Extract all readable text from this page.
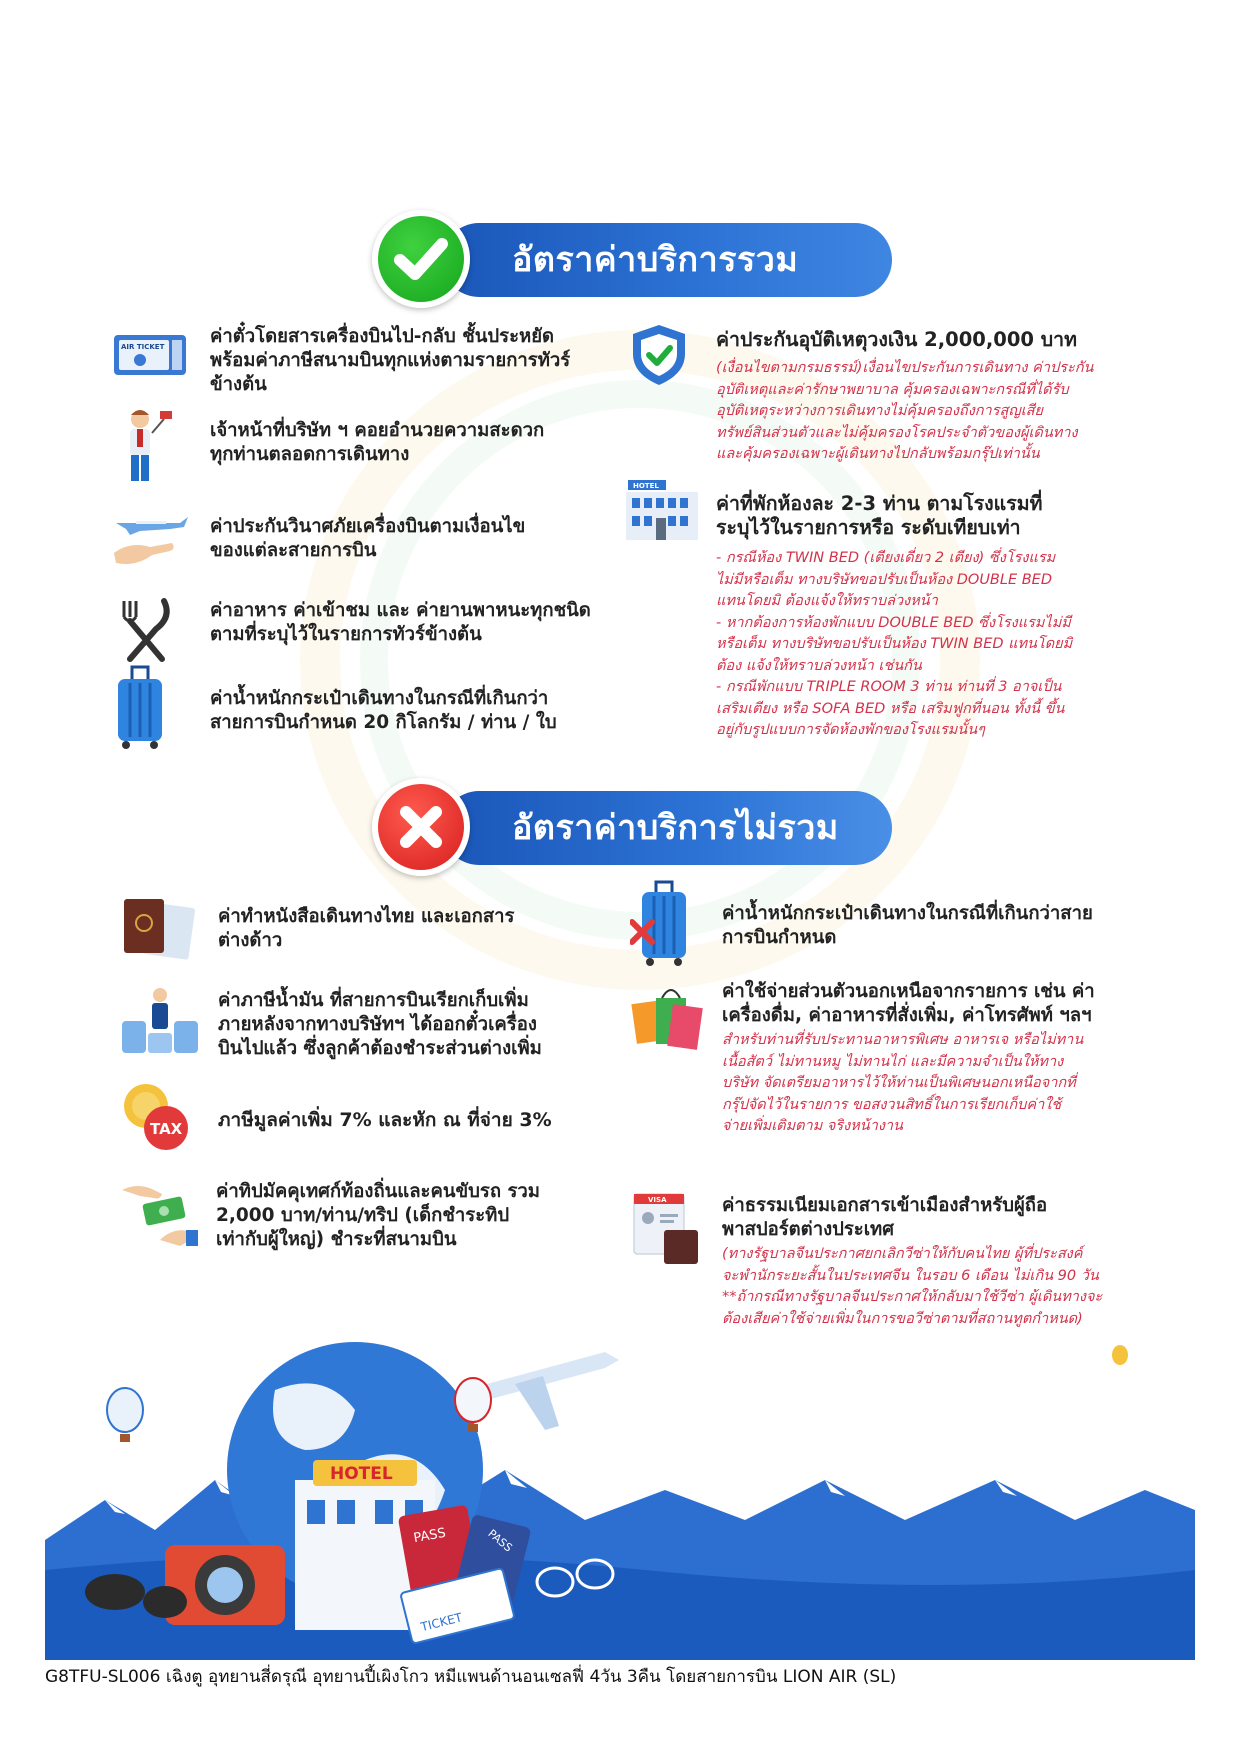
อัตราค่าบริการรวม
AIR TICKET ค่าตั๋วโดยสารเครื่องบินไป-กลับ ชั้นประหยัด
พร้อมค่าภาษีสนามบินทุกแห่งตามรายการทัวร์
ข้างต้น
เจ้าหน้าที่บริษัท ฯ คอยอำนวยความสะดวก
ทุกท่านตลอดการเดินทาง
ค่าประกันวินาศภัยเครื่องบินตามเงื่อนไข
ของแต่ละสายการบิน
ค่าอาหาร ค่าเข้าชม และ ค่ายานพาหนะทุกชนิด
ตามที่ระบุไว้ในรายการทัวร์ข้างต้น
ค่าน้ำหนักกระเป๋าเดินทางในกรณีที่เกินกว่า
สายการบินกำหนด 20 กิโลกรัม / ท่าน / ใบ
ค่าประกันอุบัติเหตุวงเงิน 2,000,000 บาท
(เงื่อนไขตามกรมธรรม์)เงื่อนไขประกันการเดินทาง ค่าประกัน
อุบัติเหตุและค่ารักษาพยาบาล คุ้มครองเฉพาะกรณีที่ได้รับ
อุบัติเหตุระหว่างการเดินทางไม่คุ้มครองถึงการสูญเสีย
ทรัพย์สินส่วนตัวและไม่คุ้มครองโรคประจำตัวของผู้เดินทาง
และคุ้มครองเฉพาะผู้เดินทางไปกลับพร้อมกรุ๊ปเท่านั้น
HOTEL
ค่าที่พักห้องละ 2-3 ท่าน ตามโรงแรมที่
ระบุไว้ในรายการหรือ ระดับเทียบเท่า
- กรณีห้อง TWIN BED (เตียงเดี่ยว 2 เตียง) ซึ่งโรงแรม
ไม่มีหรือเต็ม ทางบริษัทขอปรับเป็นห้อง DOUBLE BED
แทนโดยมิ ต้องแจ้งให้ทราบล่วงหน้า
- หากต้องการห้องพักแบบ DOUBLE BED ซึ่งโรงแรมไม่มี
หรือเต็ม ทางบริษัทขอปรับเป็นห้อง TWIN BED แทนโดยมิ
ต้อง แจ้งให้ทราบล่วงหน้า เช่นกัน
- กรณีพักแบบ TRIPLE ROOM 3 ท่าน ท่านที่ 3 อาจเป็น
เสริมเตียง หรือ SOFA BED หรือ เสริมฟูกที่นอน ทั้งนี้ ขึ้น
อยู่กับรูปแบบการจัดห้องพักของโรงแรมนั้นๆ
อัตราค่าบริการไม่รวม
ค่าทำหนังสือเดินทางไทย และเอกสาร
ต่างด้าว
ค่าภาษีน้ำมัน ที่สายการบินเรียกเก็บเพิ่ม
ภายหลังจากทางบริษัทฯ ได้ออกตั๋วเครื่อง
บินไปแล้ว ซึ่งลูกค้าต้องชำระส่วนต่างเพิ่ม
TAX ภาษีมูลค่าเพิ่ม 7% และหัก ณ ที่จ่าย 3%
ค่าทิปมัคคุเทศก์ท้องถิ่นและคนขับรถ รวม
2,000 บาท/ท่าน/ทริป (เด็กชำระทิป
เท่ากับผู้ใหญ่) ชำระที่สนามบิน
ค่าน้ำหนักกระเป๋าเดินทางในกรณีที่เกินกว่าสาย
การบินกำหนด
ค่าใช้จ่ายส่วนตัวนอกเหนือจากรายการ เช่น ค่า
เครื่องดื่ม, ค่าอาหารที่สั่งเพิ่ม, ค่าโทรศัพท์ ฯลฯ
สำหรับท่านที่รับประทานอาหารพิเศษ อาหารเจ หรือไม่ทาน
เนื้อสัตว์ ไม่ทานหมู ไม่ทานไก่ และมีความจำเป็นให้ทาง
บริษัท จัดเตรียมอาหารไว้ให้ท่านเป็นพิเศษนอกเหนือจากที่
กรุ๊ปจัดไว้ในรายการ ขอสงวนสิทธิ์ในการเรียกเก็บค่าใช้
จ่ายเพิ่มเติมตาม จริงหน้างาน
VISA	ค่าธรรมเนียมเอกสารเข้าเมืองสำหรับผู้ถือ
พาสปอร์ตต่างประเทศ
(ทางรัฐบาลจีนประกาศยกเลิกวีซ่าให้กับคนไทย ผู้ที่ประสงค์
จะพำนักระยะสั้นในประเทศจีน ในรอบ 6 เดือน ไม่เกิน 90 วัน
**ถ้ากรณีทางรัฐบาลจีนประกาศให้กลับมาใช้วีซ่า ผู้เดินทางจะ
ต้องเสียค่าใช้จ่ายเพิ่มในการขอวีซ่าตามที่สถานทูตกำหนด)
HOTEL
PASS	PASS
TICKET
G8TFU-SL006 เฉิงตู อุทยานสี่ดรุณี อุทยานปี้เผิงโกว หมีแพนด้านอนเซลฟี่ 4วัน 3คืน โดยสายการบิน LION AIR (SL)
